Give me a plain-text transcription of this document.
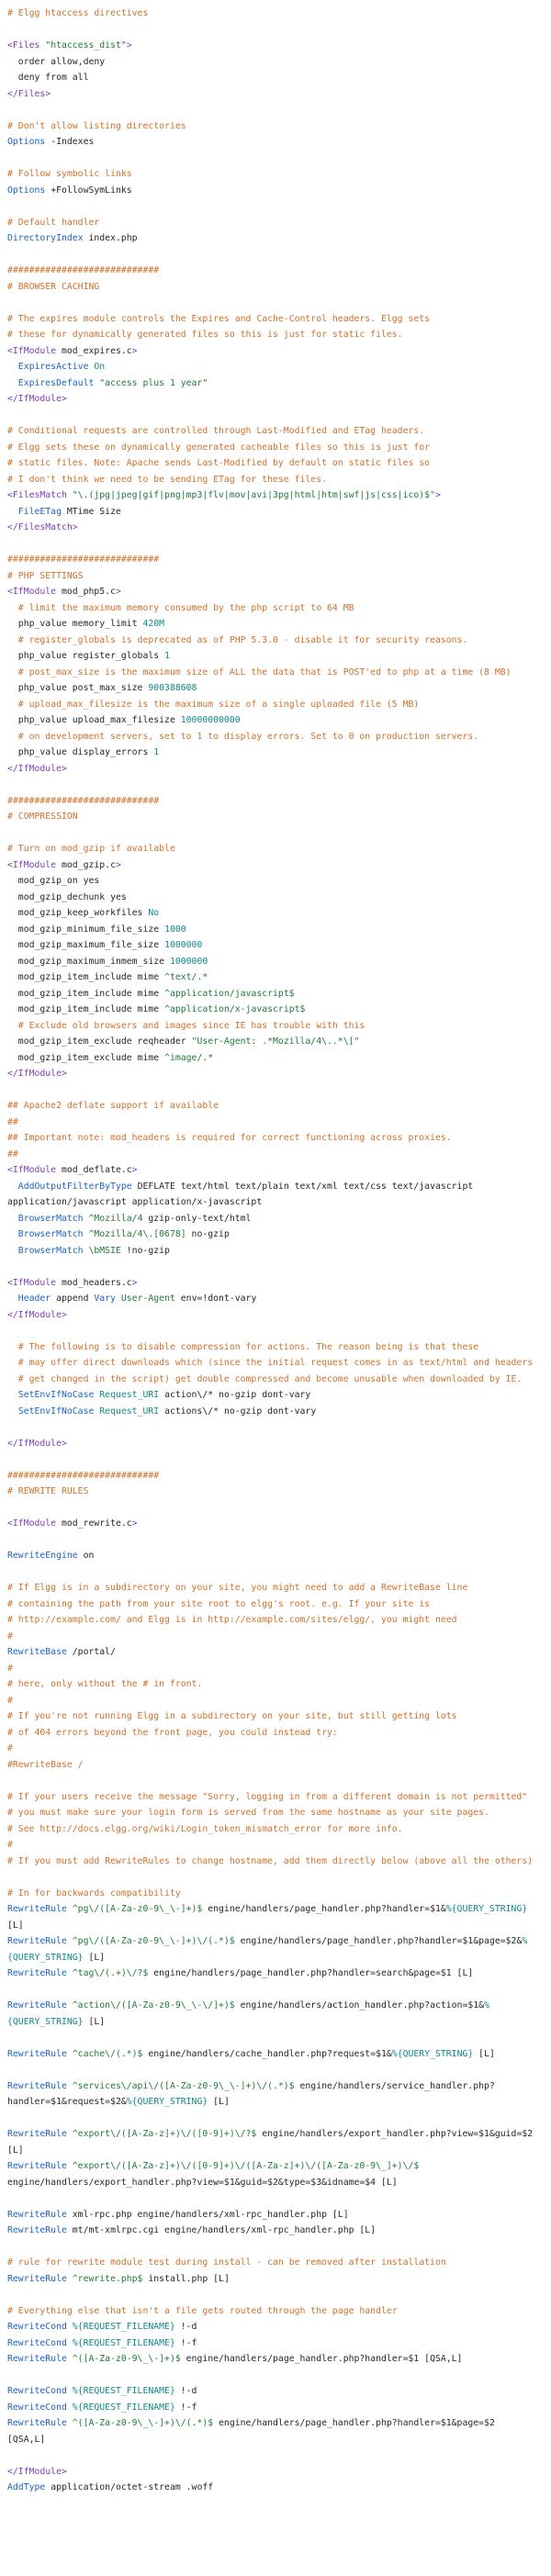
# Elgg htaccess directives

<Files "htaccess_dist">
order allow,deny
deny from all
</Files>

# Don't allow listing directories
Options -Indexes

# Follow symbolic links
Options +FollowSymLinks

# Default handler
DirectoryIndex index.php

############################
# BROWSER CACHING

# The expires module controls the Expires and Cache-Control headers. Elgg sets
# these for dynamically generated files so this is just for static files.
<IfModule mod_expires.c>
ExpiresActive On
ExpiresDefault "access plus 1 year"
</IfModule>

# Conditional requests are controlled through Last-Modified and ETag headers.
# Elgg sets these on dynamically generated cacheable files so this is just for
# static files. Note: Apache sends Last-Modified by default on static files so
# I don't think we need to be sending ETag for these files.
<FilesMatch "\.(jpg|jpeg|gif|png|mp3|flv|mov|avi|3pg|html|htm|swf|js|css|ico)$">
FileETag MTime Size
</FilesMatch>

############################
# PHP SETTINGS
<IfModule mod_php5.c>
# limit the maximum memory consumed by the php script to 64 MB
php_value memory_limit 420M
# register_globals is deprecated as of PHP 5.3.0 - disable it for security reasons.
php_value register_globals 1
# post_max_size is the maximum size of ALL the data that is POST'ed to php at a time (8 MB)
php_value post_max_size 900388608
# upload_max_filesize is the maximum size of a single uploaded file (5 MB)
php_value upload_max_filesize 10000000000
# on development servers, set to 1 to display errors. Set to 0 on production servers.
php_value display_errors 1
</IfModule>

############################
# COMPRESSION

# Turn on mod_gzip if available
<IfModule mod_gzip.c>
mod_gzip_on yes
mod_gzip_dechunk yes
mod_gzip_keep_workfiles No
mod_gzip_minimum_file_size 1000
mod_gzip_maximum_file_size 1000000
mod_gzip_maximum_inmem_size 1000000
mod_gzip_item_include mime ^text/.*
mod_gzip_item_include mime ^application/javascript$
mod_gzip_item_include mime ^application/x-javascript$
# Exclude old browsers and images since IE has trouble with this
mod_gzip_item_exclude reqheader "User-Agent: .*Mozilla/4\..*\["
mod_gzip_item_exclude mime ^image/.*
</IfModule>

## Apache2 deflate support if available
##
## Important note: mod_headers is required for correct functioning across proxies.
##
<IfModule mod_deflate.c>
AddOutputFilterByType DEFLATE text/html text/plain text/xml text/css text/javascript
application/javascript application/x-javascript
BrowserMatch ^Mozilla/4 gzip-only-text/html
BrowserMatch ^Mozilla/4\.[0678] no-gzip
BrowserMatch \bMSIE !no-gzip

<IfModule mod_headers.c>
Header append Vary User-Agent env=!dont-vary
</IfModule>

# The following is to disable compression for actions. The reason being is that these
# may offer direct downloads which (since the initial request comes in as text/html and headers
# get changed in the script) get double compressed and become unusable when downloaded by IE.
SetEnvIfNoCase Request_URI action\/* no-gzip dont-vary
SetEnvIfNoCase Request_URI actions\/* no-gzip dont-vary

</IfModule>

############################
# REWRITE RULES

<IfModule mod_rewrite.c>

RewriteEngine on

# If Elgg is in a subdirectory on your site, you might need to add a RewriteBase line
# containing the path from your site root to elgg's root. e.g. If your site is
# http://example.com/ and Elgg is in http://example.com/sites/elgg/, you might need
#
RewriteBase /portal/
#
# here, only without the # in front.
#
# If you're not running Elgg in a subdirectory on your site, but still getting lots
# of 404 errors beyond the front page, you could instead try:
#
#RewriteBase /

# If your users receive the message "Sorry, logging in from a different domain is not permitted"
# you must make sure your login form is served from the same hostname as your site pages.
# See http://docs.elgg.org/wiki/Login_token_mismatch_error for more info.
#
# If you must add RewriteRules to change hostname, add them directly below (above all the others)

# In for backwards compatibility
RewriteRule ^pg\/([A-Za-z0-9\_\-]+)$ engine/handlers/page_handler.php?handler=$1&%{QUERY_STRING}
[L]
RewriteRule ^pg\/([A-Za-z0-9\_\-]+)\/(.*)$ engine/handlers/page_handler.php?handler=$1&page=$2&%
{QUERY_STRING} [L]
RewriteRule ^tag\/(.+)\/?$ engine/handlers/page_handler.php?handler=search&page=$1 [L]

RewriteRule ^action\/([A-Za-z0-9\_\-\/]+)$ engine/handlers/action_handler.php?action=$1&%
{QUERY_STRING} [L]

RewriteRule ^cache\/(.*)$ engine/handlers/cache_handler.php?request=$1&%{QUERY_STRING} [L]

RewriteRule ^services\/api\/([A-Za-z0-9\_\-]+)\/(.*)$ engine/handlers/service_handler.php?
handler=$1&request=$2&%{QUERY_STRING} [L]

RewriteRule ^export\/([A-Za-z]+)\/([0-9]+)\/?$ engine/handlers/export_handler.php?view=$1&guid=$2
[L]
RewriteRule ^export\/([A-Za-z]+)\/([0-9]+)\/([A-Za-z]+)\/([A-Za-z0-9\_]+)\/$
engine/handlers/export_handler.php?view=$1&guid=$2&type=$3&idname=$4 [L]

RewriteRule xml-rpc.php engine/handlers/xml-rpc_handler.php [L]
RewriteRule mt/mt-xmlrpc.cgi engine/handlers/xml-rpc_handler.php [L]

# rule for rewrite module test during install - can be removed after installation
RewriteRule ^rewrite.php$ install.php [L]

# Everything else that isn't a file gets routed through the page handler
RewriteCond %{REQUEST_FILENAME} !-d
RewriteCond %{REQUEST_FILENAME} !-f
RewriteRule ^([A-Za-z0-9\_\-]+)$ engine/handlers/page_handler.php?handler=$1 [QSA,L]

RewriteCond %{REQUEST_FILENAME} !-d
RewriteCond %{REQUEST_FILENAME} !-f
RewriteRule ^([A-Za-z0-9\_\-]+)\/(.*)$ engine/handlers/page_handler.php?handler=$1&page=$2
[QSA,L]

</IfModule>
AddType application/octet-stream .woff
